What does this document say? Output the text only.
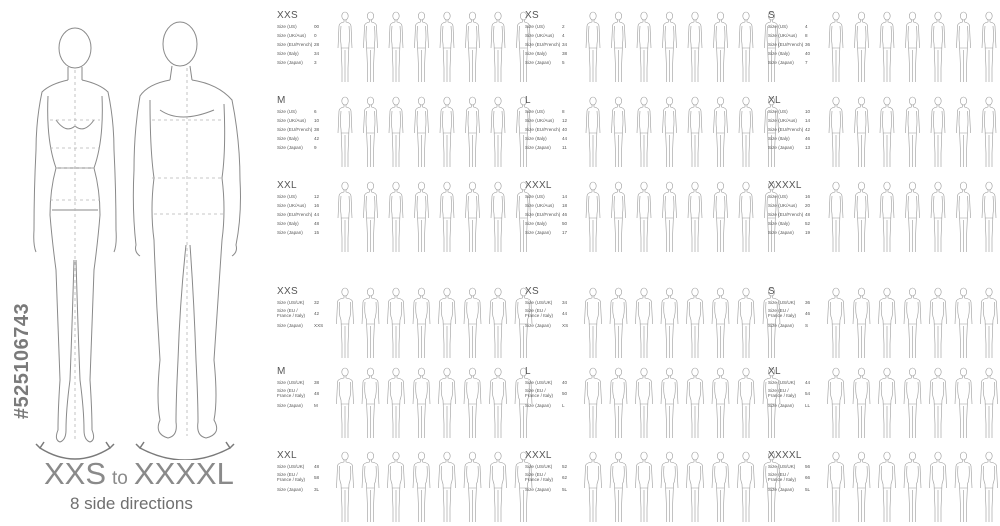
#525106743
XXS to XXXXL
8 side directions
XXS
Size (US)	00
Size (UK/Aus) 0
Size (EU/French) 28
Size (Italy)	34
Size (Japan) 3
XS
Size (US)	2
Size (UK/Aus) 4
Size (EU/French) 34
Size (Italy)	38
Size (Japan) 5
S
Size (US)	4
Size (UK/Aus) 8
Size (EU/French) 36
Size (Italy)	40
Size (Japan) 7
M
Size (US)	6
Size (UK/Aus) 10
Size (EU/French) 38
Size (Italy)	42
Size (Japan) 9
L
Size (US)	8
Size (UK/Aus) 12
Size (EU/French) 40
Size (Italy)	44
Size (Japan) 11
XL
Size (US)	10
Size (UK/Aus) 14
Size (EU/French) 42
Size (Italy)	46
Size (Japan) 13
XXL
Size (US)	12
Size (UK/Aus) 16
Size (EU/French) 44
Size (Italy)	48
Size (Japan) 15
XXXL
Size (US)	14
Size (UK/Aus) 18
Size (EU/French) 46
Size (Italy)	50
Size (Japan) 17
XXXXL
Size (US)	16
Size (UK/Aus) 20
Size (EU/French) 48
Size (Italy)	52
Size (Japan) 19
XXS
Size (US/UK) 32
Size (EU / France / Italy)	42
Size (Japan) XXS
XS
Size (US/UK) 34
Size (EU / France / Italy)	44
Size (Japan) XS
S
Size (US/UK) 36
Size (EU / France / Italy)	46
Size (Japan) S
M
Size (US/UK) 38
Size (EU / France / Italy)	48
Size (Japan) M
L
Size (US/UK) 40
Size (EU / France / Italy)	50
Size (Japan) L
XL
Size (US/UK) 44
Size (EU / France / Italy)	54
Size (Japan) LL
XXL
Size (US/UK) 48
Size (EU / France / Italy)	58
Size (Japan) 3L
XXXL
Size (US/UK) 52
Size (EU / France / Italy)	62
Size (Japan) 5L
XXXXL
Size (US/UK) 56
Size (EU / France / Italy)	66
Size (Japan) 5L
